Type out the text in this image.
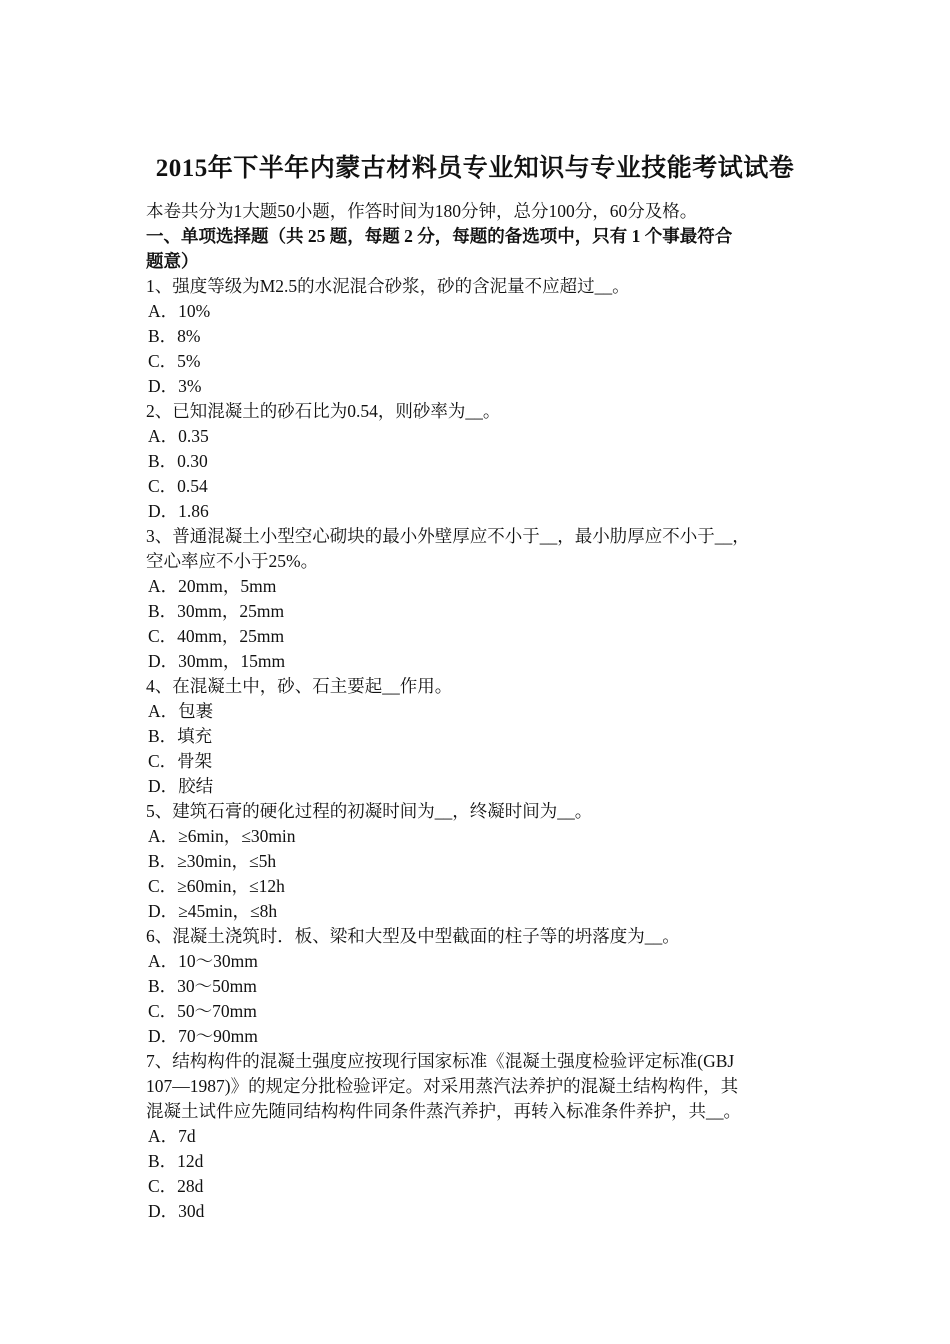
2015年下半年内蒙古材料员专业知识与专业技能考试试卷
本卷共分为1大题50小题，作答时间为180分钟，总分100分，60分及格。
一、单项选择题（共 25 题，每题 2 分，每题的备选项中，只有 1 个事最符合
题意）
1、强度等级为M2.5的水泥混合砂浆，砂的含泥量不应超过__。
A．10%
B．8%
C．5%
D．3%
2、已知混凝土的砂石比为0.54，则砂率为__。
A．0.35
B．0.30
C．0.54
D．1.86
3、普通混凝土小型空心砌块的最小外壁厚应不小于__，最小肋厚应不小于__，
空心率应不小于25%。
A．20mm，5mm
B．30mm，25mm
C．40mm，25mm
D．30mm，15mm
4、在混凝土中，砂、石主要起__作用。
A．包裹
B．填充
C．骨架
D．胶结
5、建筑石膏的硬化过程的初凝时间为__，终凝时间为__。
A．≥6min，≤30min
B．≥30min，≤5h
C．≥60min，≤12h
D．≥45min，≤8h
6、混凝土浇筑时．板、梁和大型及中型截面的柱子等的坍落度为__。
A．10～30mm
B．30～50mm
C．50～70mm
D．70～90mm
7、结构构件的混凝土强度应按现行国家标准《混凝土强度检验评定标准(GBJ
107—1987)》的规定分批检验评定。对采用蒸汽法养护的混凝土结构构件，其
混凝土试件应先随同结构构件同条件蒸汽养护，再转入标准条件养护，共__。
A．7d
B．12d
C．28d
D．30d
